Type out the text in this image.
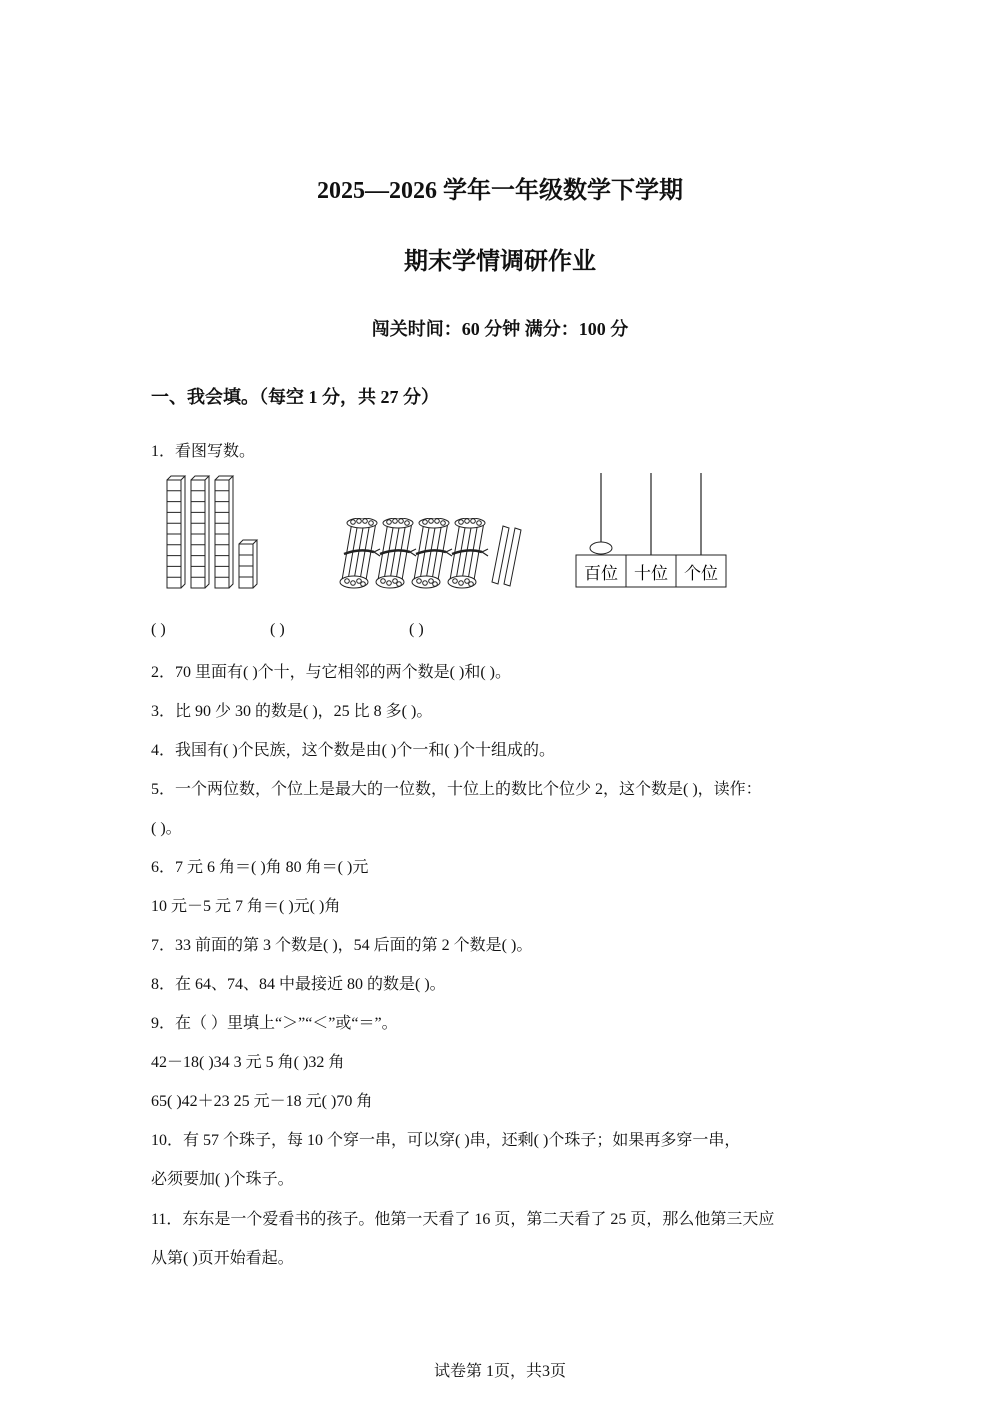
2025—2026 学年一年级数学下学期
期末学情调研作业
闯关时间：60 分钟 满分：100 分
一、我会填。（每空 1 分，共 27 分）
1．看图写数。
百位 十位 个位
( )	( )	( )
2．70 里面有( )个十，与它相邻的两个数是( )和( )。
3．比 90 少 30 的数是( )，25 比 8 多( )。
4．我国有( )个民族，这个数是由( )个一和( )个十组成的。
5．一个两位数，个位上是最大的一位数，十位上的数比个位少 2，这个数是( )，读作：
( )。
6．7 元 6 角＝( )角 80 角＝( )元
10 元－5 元 7 角＝( )元( )角
7．33 前面的第 3 个数是( )，54 后面的第 2 个数是( )。
8．在 64、74、84 中最接近 80 的数是( )。
9．在（ ）里填上“＞”“＜”或“＝”。
42－18( )34 3 元 5 角( )32 角
65( )42＋23 25 元－18 元( )70 角
10．有 57 个珠子，每 10 个穿一串，可以穿( )串，还剩( )个珠子；如果再多穿一串，
必须要加( )个珠子。
11．东东是一个爱看书的孩子。他第一天看了 16 页，第二天看了 25 页，那么他第三天应
从第( )页开始看起。
试卷第 1页，共3页
